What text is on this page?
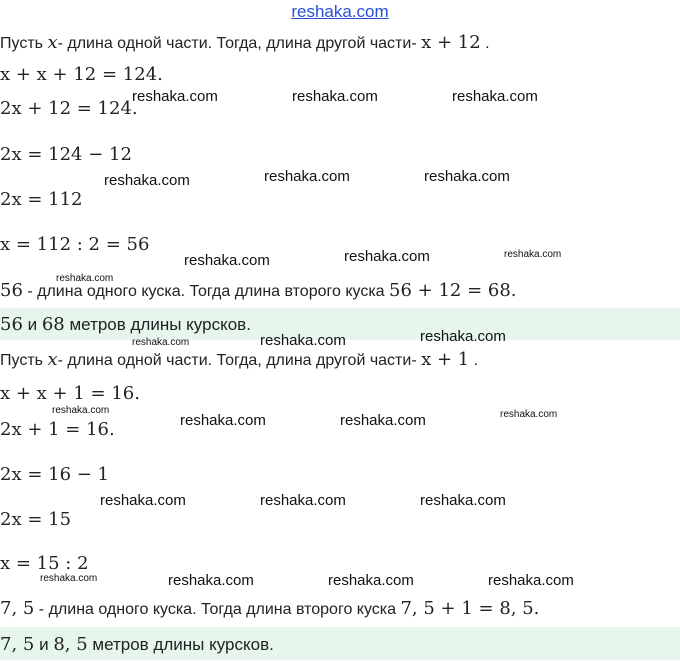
reshaka.com
Пусть x- длина одной части. Тогда, длина другой части- x + 12 .
x + x + 12 = 124.
2x + 12 = 124.
2x = 124 − 12
2x = 112
x = 112 : 2 = 56
56 - длина одного куска. Тогда длина второго куска 56 + 12 = 68.
56 и 68 метров длины курсков.
Пусть x- длина одной части. Тогда, длина другой части- x + 1 .
x + x + 1 = 16.
2x + 1 = 16.
2x = 16 − 1
2x = 15
x = 15 : 2
7, 5 - длина одного куска. Тогда длина второго куска 7, 5 + 1 = 8, 5.
7, 5 и 8, 5 метров длины курсков.
reshaka.com	reshaka.com	reshaka.com
reshaka.com	reshaka.com	reshaka.com
reshaka.com	reshaka.com	reshaka.com
reshaka.com
reshaka.com	reshaka.com	reshaka.com
reshaka.com
reshaka.com	reshaka.com	reshaka.com
reshaka.com	reshaka.com	reshaka.com
reshaka.com	reshaka.com	reshaka.com	reshaka.com
